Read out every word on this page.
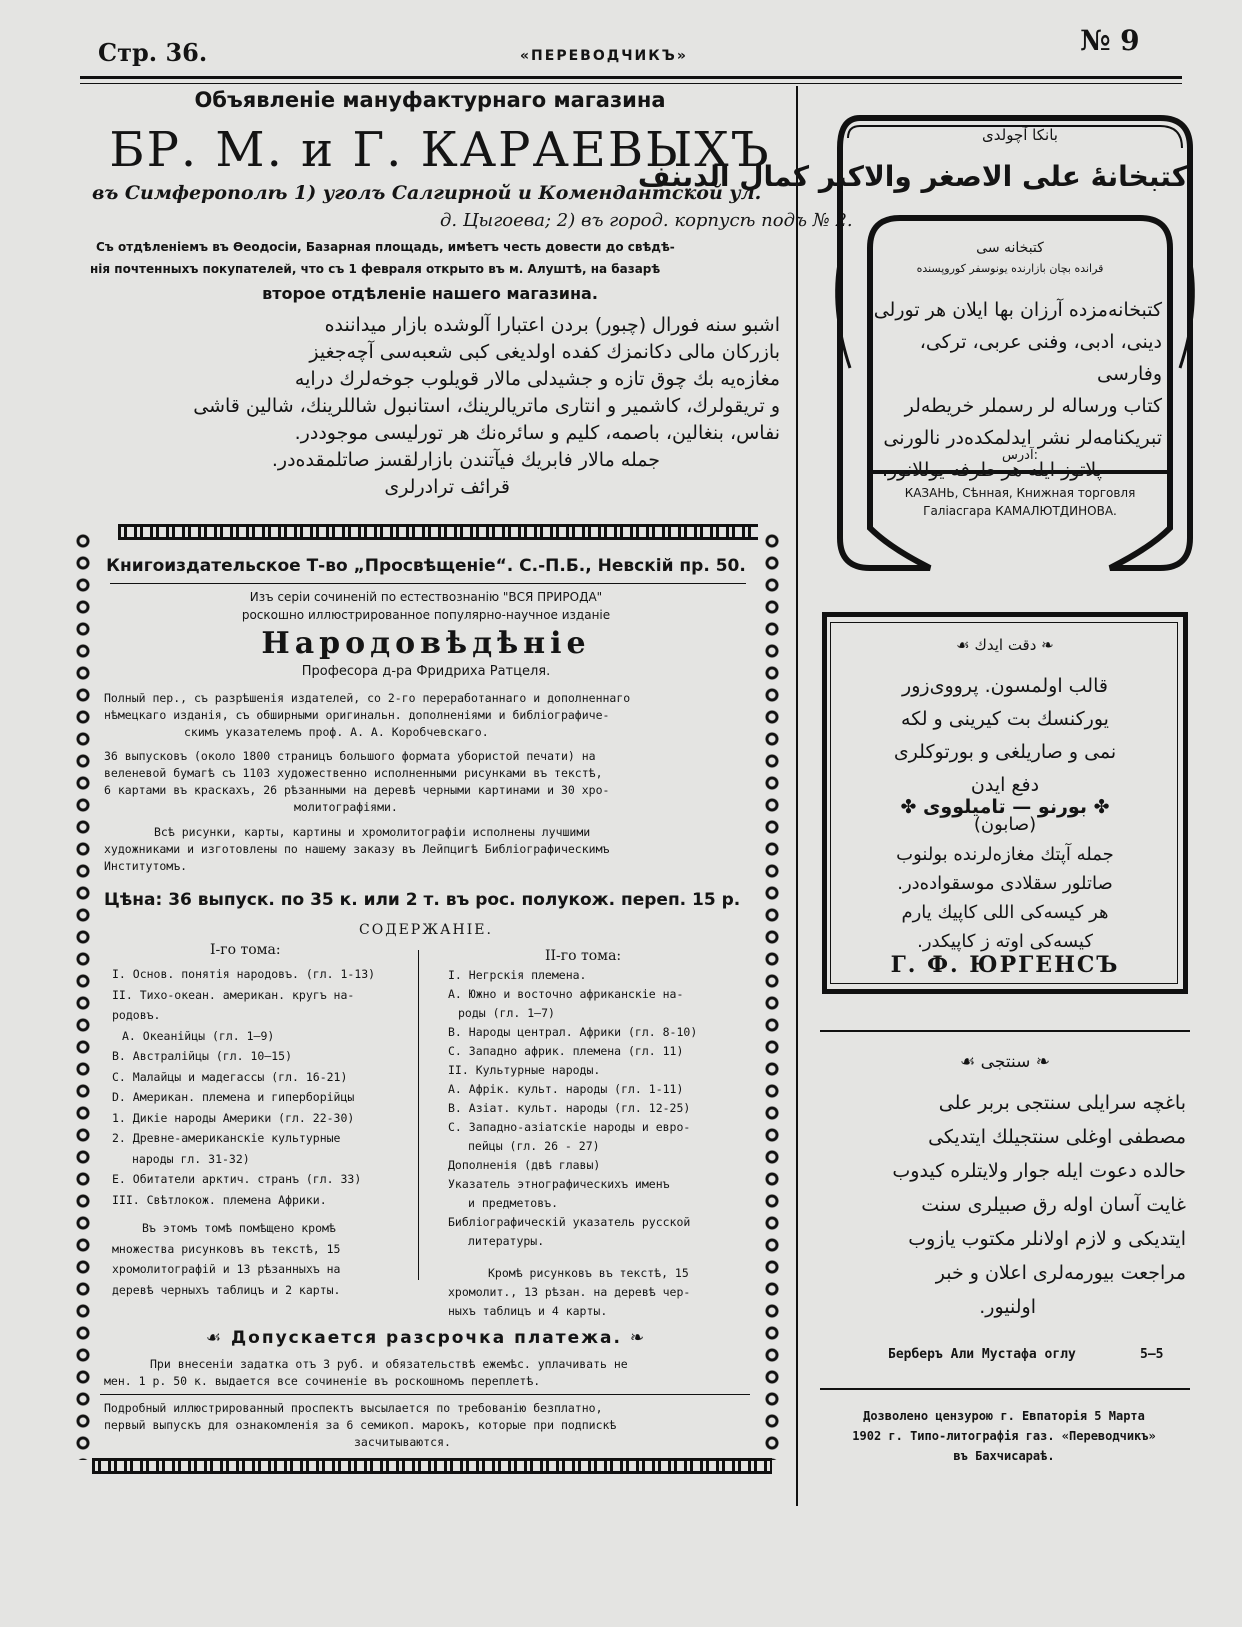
Стр. 36.	«ПЕРЕВОДЧИКЪ»	№ 9
Объявленіе мануфактурнаго магазина
БР. М. и Г. КАРАЕВЫХЪ
въ Симферополѣ 1) уголъ Салгирной и Комендантской ул.
д. Цыгоева; 2) въ город. корпусѣ подъ № 2.
Съ отдѣленіемъ въ Ѳеодосіи, Базарная площадь, имѣетъ честь довести до свѣдѣ-
нія почтенныхъ покупателей, что съ 1 февраля открыто въ м. Алуштѣ, на базарѣ
второе отдѣленіе нашего магазина.
اشبو سنه فورال (چبور) بردن اعتبارا آلوشده بازار میداننده
بازرکان مالی دکانمزك کفده اولدیغی کبی شعبه‌سی آچه‌جغیز
مغازه‌یه بك چوق تازه و جشیدلی مالار قویلوب جوخه‌لرك درایه
و تریقولرك، کاشمیر و انتاری ماتریالرینك، استانبول شاللرینك، شالین قاشی
نفاس، بنغالین، باصمه، کلیم و سائره‌نك هر تورلیسی موجوددر.
جمله مالار فابریك فیآتندن بازارلقسز صاتلمقده‌در.
قرائف ترادرلری
Книгоиздательское Т-во „Просвѣщеніе“. С.-П.Б., Невскій пр. 50.
Изъ серіи сочиненій по естествознанію "ВСЯ ПРИРОДА"
роскошно иллюстрированное популярно-научное изданіе
Народовѣдѣніе
Професора д-ра Фридриха Ратцеля.
Полный пер., съ разрѣшенія издателей, со 2-го переработаннаго и дополненнаго
нѣмецкаго изданія, съ обширными оригинальн. дополненіями и библіографиче-
скимъ указателемъ проф. А. А. Коробчевскаго.
36 выпусковъ (около 1800 страницъ большого формата убористой печати) на
веленевой бумагѣ съ 1103 художественно исполненными рисунками въ текстѣ,
6 картами въ краскахъ, 26 рѣзанными на деревѣ черными картинами и 30 хро-
молитографіями.
Всѣ рисунки, карты, картины и хромолитографіи исполнены лучшими
художниками и изготовлены по нашему заказу въ Лейпцигѣ Библіографическимъ
Институтомъ.
Цѣна: 36 выпуск. по 35 к. или 2 т. въ рос. полукож. переп. 15 р.
СОДЕРЖАНІЕ.
І-го тома:
I. Основ. понятія народовъ. (гл. 1-13)
II. Тихо-океан. американ. кругъ на-
родовъ.
А. Океанійцы (гл. 1—9)
В. Австралійцы (гл. 10—15)
С. Малайцы и мадегассы (гл. 16-21)
D. Американ. племена и гиперборійцы
1. Дикіе народы Америки (гл. 22-30)
2. Древне-американскіе культурные
народы гл. 31-32)
E. Обитатели арктич. странъ (гл. 33)
III. Свѣтлокож. племена Африки.
Въ этомъ томѣ помѣщено кромѣ
множества рисунковъ въ текстѣ, 15
хромолитографій и 13 рѣзанныхъ на
деревѣ черныхъ таблицъ и 2 карты.
ІІ-го тома:
I. Негрскія племена.
A. Южно и восточно африканскіе на-
роды (гл. 1—7)
B. Народы централ. Африки (гл. 8-10)
C. Западно африк. племена (гл. 11)
II. Культурные народы.
A. Афрік. культ. народы (гл. 1-11)
B. Азіат. культ. народы (гл. 12-25)
C. Западно-азіатскіе народы и евро-
пейцы (гл. 26 - 27)
Дополненія (двѣ главы)
Указатель этнографическихъ именъ
и предметовъ.
Библіографическій указатель русской
литературы.
Кромѣ рисунковъ въ текстѣ, 15
хромолит., 13 рѣзан. на деревѣ чер-
ныхъ таблицъ и 4 карты.
☙ Допускается разсрочка платежа. ❧
При внесеніи задатка отъ 3 руб. и обязательствѣ ежемѣс. уплачивать не
мен. 1 р. 50 к. выдается все сочиненіе въ роскошномъ переплетѣ.
Подробный иллюстрированный проспектъ высылается по требованію безплатно,
первый выпускъ для ознакомленія за 6 семикоп. марокъ, которые при подпискѣ
засчитываются.
بانكا آچولدی
کتبخانهٔ علی الاصغر والاکبر کمال الدینف
کتبخانه سی
قرانده بچان بازارنده یونوسفر کوروپسنده
کتبخانه‌مزده آرزان بها ایلان هر تورلی
دینی، ادبی، وفنی عربی، ترکی، وفارسی
کتاب ورساله لر رسملر خریطه‌لر
تبریکنامه‌لر نشر ایدلمکده‌در نالورنی
پلاتوز ایله هر طرفه یوللانور.
آدرس:
КАЗАНЬ, Сѣнная, Книжная торговля
Галіасгара КАМАЛЮТДИНОВА.
❧ دقت ایدك ☙
قالب اولمسون. پرووی‌زور
یورکنسك بت کیرینی و لکه
نمی و صاریلغی و بورتوکلری
دفع ایدن
✤ بورنو — تامیلووی ✤
(صابون)
جمله آپتك مغازه‌لرنده بولنوب
صاتلور سقلادی موسقواده‌در.
هر کیسه‌کی اللی کاپیك یارم
کیسه‌کی اوته ز کاپیکدر.
Г. Ф. ЮРГЕНСЪ
❧ سنتجی ☙
باغچه سرایلی سنتجی بربر علی
مصطفی اوغلی سنتجیلك ایتدیکی
حالده دعوت ایله جوار ولایتلره کیدوب
غایت آسان اوله رق صبیلری سنت
ایتدیکی و لازم اولانلر مکتوب یازوب
مراجعت بیورمه‌لری اعلان و خبر
اولنیور.
Берберъ Али Мустафа оглу	5—5
Дозволено цензурою г. Евпаторія 5 Марта
1902 г. Типо-литографія газ. «Переводчикъ»
въ Бахчисараѣ.
